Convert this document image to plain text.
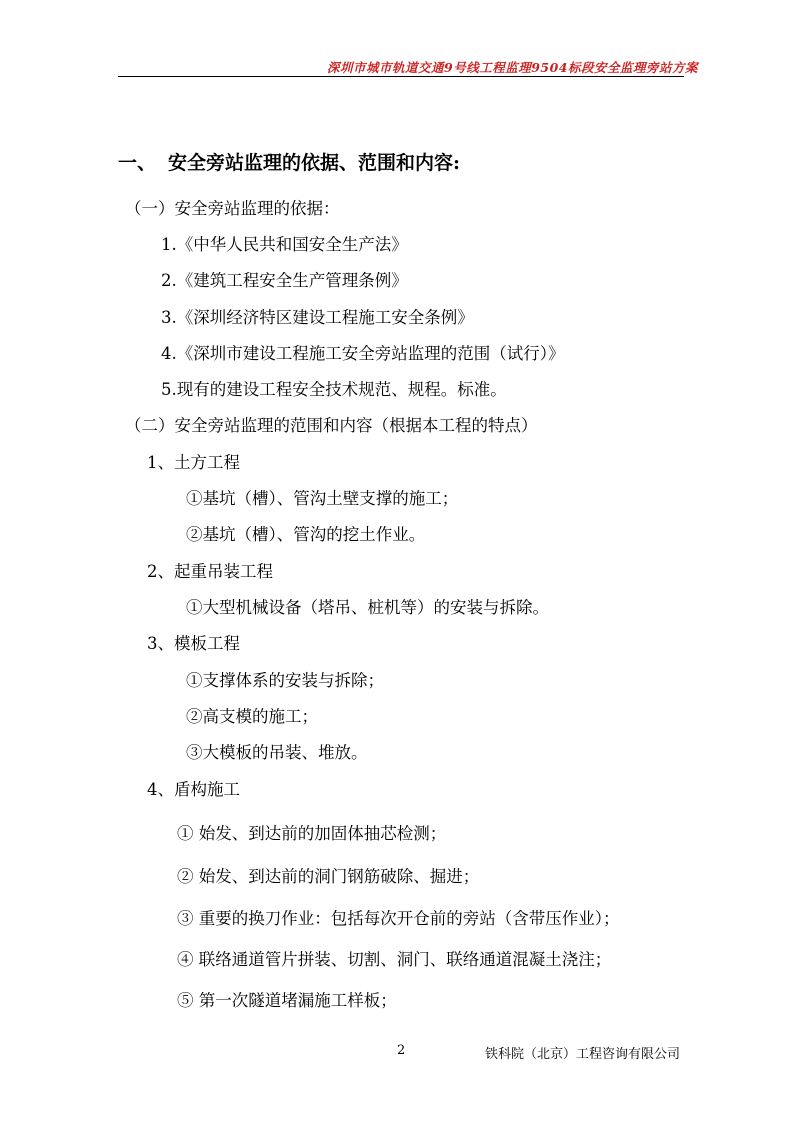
深圳市城市轨道交通9号线工程监理9504标段安全监理旁站方案
一、 安全旁站监理的依据、范围和内容:
（一）安全旁站监理的依据：
1.《中华人民共和国安全生产法》
2.《建筑工程安全生产管理条例》
3.《深圳经济特区建设工程施工安全条例》
4.《深圳市建设工程施工安全旁站监理的范围（试行）》
5.现有的建设工程安全技术规范、规程。标准。
（二）安全旁站监理的范围和内容（根据本工程的特点）
1、土方工程
①基坑（槽）、管沟土壁支撑的施工；
②基坑（槽）、管沟的挖土作业。
2、起重吊装工程
①大型机械设备（塔吊、桩机等）的安装与拆除。
3、模板工程
①支撑体系的安装与拆除；
②高支模的施工；
③大模板的吊装、堆放。
4、盾构施工
① 始发、到达前的加固体抽芯检测；
② 始发、到达前的洞门钢筋破除、掘进；
③ 重要的换刀作业：包括每次开仓前的旁站（含带压作业）；
④ 联络通道管片拼装、切割、洞门、联络通道混凝土浇注；
⑤ 第一次隧道堵漏施工样板；
2	铁科院（北京）工程咨询有限公司
